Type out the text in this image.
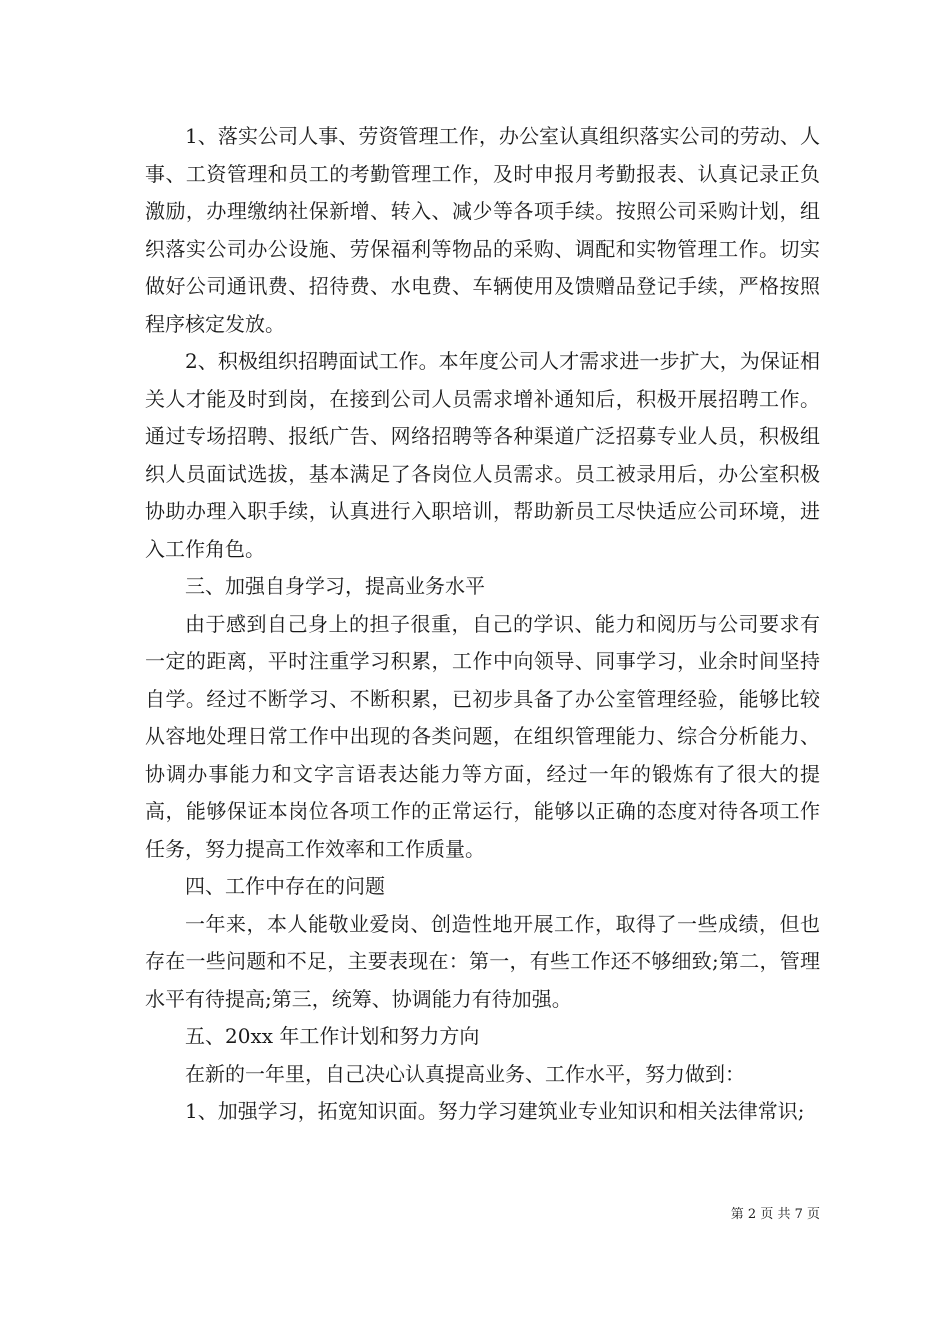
1、落实公司人事、劳资管理工作，办公室认真组织落实公司的劳动、人事、工资管理和员工的考勤管理工作，及时申报月考勤报表、认真记录正负激励，办理缴纳社保新增、转入、减少等各项手续。按照公司采购计划，组织落实公司办公设施、劳保福利等物品的采购、调配和实物管理工作。切实做好公司通讯费、招待费、水电费、车辆使用及馈赠品登记手续，严格按照程序核定发放。

2、积极组织招聘面试工作。本年度公司人才需求进一步扩大，为保证相关人才能及时到岗，在接到公司人员需求增补通知后，积极开展招聘工作。通过专场招聘、报纸广告、网络招聘等各种渠道广泛招募专业人员，积极组织人员面试选拔，基本满足了各岗位人员需求。员工被录用后，办公室积极协助办理入职手续，认真进行入职培训，帮助新员工尽快适应公司环境，进入工作角色。

三、加强自身学习，提高业务水平

由于感到自己身上的担子很重，自己的学识、能力和阅历与公司要求有一定的距离，平时注重学习积累，工作中向领导、同事学习，业余时间坚持自学。经过不断学习、不断积累，已初步具备了办公室管理经验，能够比较从容地处理日常工作中出现的各类问题，在组织管理能力、综合分析能力、协调办事能力和文字言语表达能力等方面，经过一年的锻炼有了很大的提高，能够保证本岗位各项工作的正常运行，能够以正确的态度对待各项工作任务，努力提高工作效率和工作质量。

四、工作中存在的问题

一年来，本人能敬业爱岗、创造性地开展工作，取得了一些成绩，但也存在一些问题和不足，主要表现在：第一，有些工作还不够细致;第二，管理水平有待提高;第三，统筹、协调能力有待加强。

五、20xx 年工作计划和努力方向

在新的一年里，自己决心认真提高业务、工作水平，努力做到：

1、加强学习，拓宽知识面。努力学习建筑业专业知识和相关法律常识;

第 2 页 共 7 页
